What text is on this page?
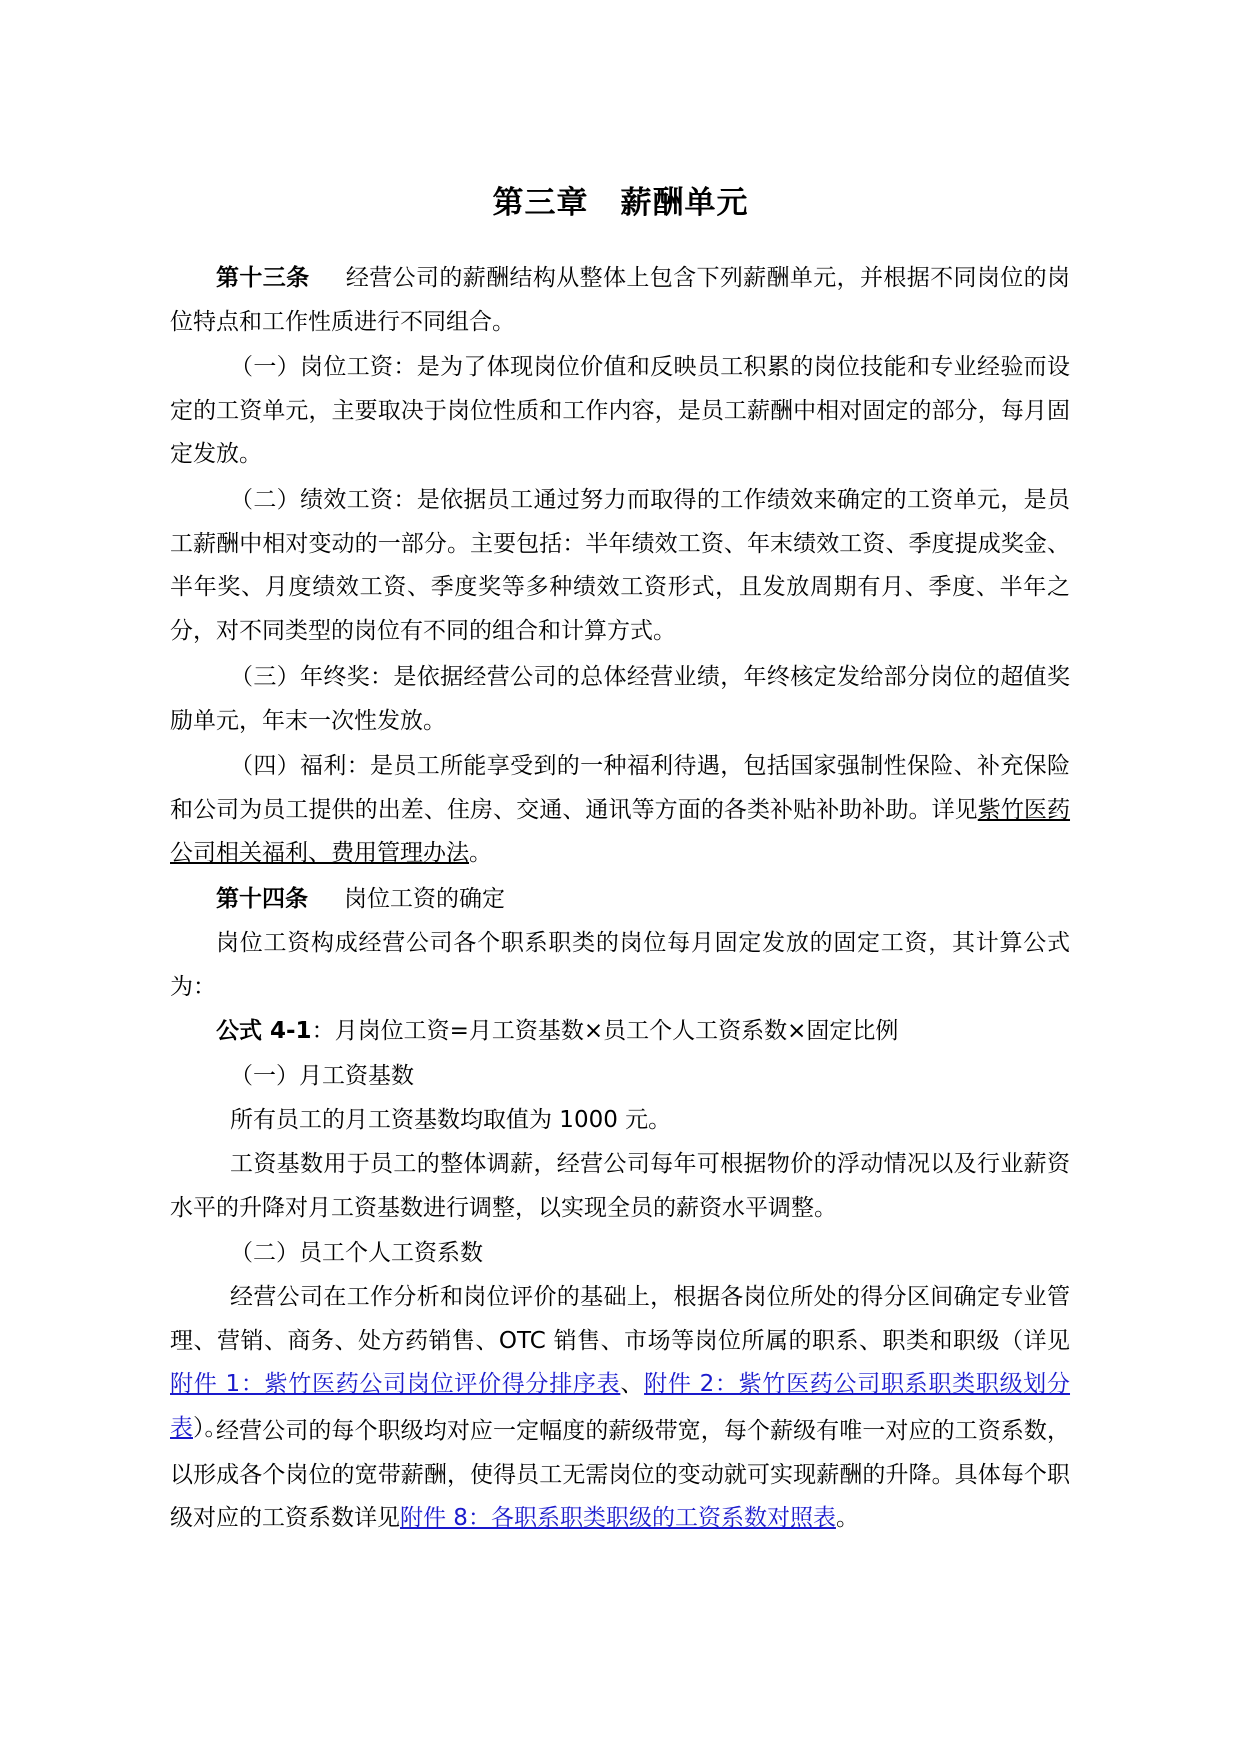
第三章　薪酬单元

第十三条 经营公司的薪酬结构从整体上包含下列薪酬单元，并根据不同岗位的岗位特点和工作性质进行不同组合。

（一）岗位工资：是为了体现岗位价值和反映员工积累的岗位技能和专业经验而设定的工资单元，主要取决于岗位性质和工作内容，是员工薪酬中相对固定的部分，每月固定发放。

（二）绩效工资：是依据员工通过努力而取得的工作绩效来确定的工资单元，是员工薪酬中相对变动的一部分。主要包括：半年绩效工资、年末绩效工资、季度提成奖金、半年奖、月度绩效工资、季度奖等多种绩效工资形式，且发放周期有月、季度、半年之分，对不同类型的岗位有不同的组合和计算方式。

（三）年终奖：是依据经营公司的总体经营业绩，年终核定发给部分岗位的超值奖励单元，年末一次性发放。

（四）福利：是员工所能享受到的一种福利待遇，包括国家强制性保险、补充保险和公司为员工提供的出差、住房、交通、通讯等方面的各类补贴补助补助。详见紫竹医药公司相关福利、费用管理办法。

第十四条 岗位工资的确定

岗位工资构成经营公司各个职系职类的岗位每月固定发放的固定工资，其计算公式为：

公式 4-1：月岗位工资=月工资基数×员工个人工资系数×固定比例

（一）月工资基数

所有员工的月工资基数均取值为 1000 元。

工资基数用于员工的整体调薪，经营公司每年可根据物价的浮动情况以及行业薪资水平的升降对月工资基数进行调整，以实现全员的薪资水平调整。

（二）员工个人工资系数

经营公司在工作分析和岗位评价的基础上，根据各岗位所处的得分区间确定专业管理、营销、商务、处方药销售、OTC 销售、市场等岗位所属的职系、职类和职级（详见附件 1：紫竹医药公司岗位评价得分排序表、附件 2：紫竹医药公司职系职类职级划分表）。

经营公司的每个职级均对应一定幅度的薪级带宽，每个薪级有唯一对应的工资系数，以形成各个岗位的宽带薪酬，使得员工无需岗位的变动就可实现薪酬的升降。具体每个职级对应的工资系数详见附件 8：各职系职类职级的工资系数对照表。
